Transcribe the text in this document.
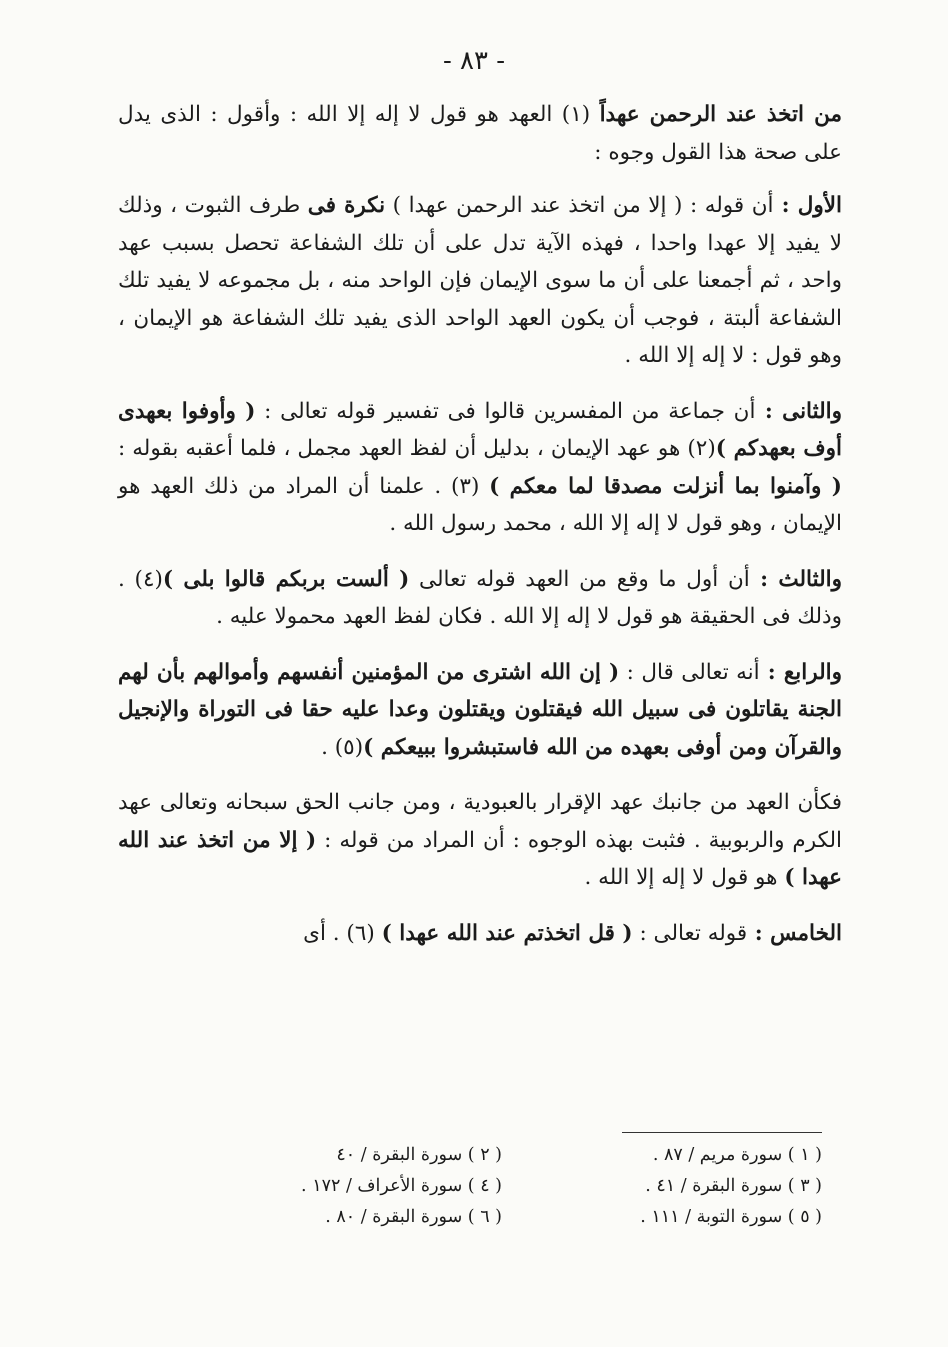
- ٨٣ -

من اتخذ عند الرحمن عهداً (١) العهد هو قول لا إله إلا الله : وأقول : الذى يدل على صحة هذا القول وجوه :

الأول : أن قوله : ( إلا من اتخذ عند الرحمن عهدا ) نكرة فى طرف الثبوت ، وذلك لا يفيد إلا عهدا واحدا ، فهذه الآية تدل على أن تلك الشفاعة تحصل بسبب عهد واحد ، ثم أجمعنا على أن ما سوى الإيمان فإن الواحد منه ، بل مجموعه لا يفيد تلك الشفاعة ألبتة ، فوجب أن يكون العهد الواحد الذى يفيد تلك الشفاعة هو الإيمان ، وهو قول : لا إله إلا الله .

والثانى : أن جماعة من المفسرين قالوا فى تفسير قوله تعالى : ( وأوفوا بعهدى أوف بعهدكم )(٢) هو عهد الإيمان ، بدليل أن لفظ العهد مجمل ، فلما أعقبه بقوله : ( وآمنوا بما أنزلت مصدقا لما معكم ) (٣) . علمنا أن المراد من ذلك العهد هو الإيمان ، وهو قول لا إله إلا الله ، محمد رسول الله .

والثالث : أن أول ما وقع من العهد قوله تعالى ( ألست بربكم قالوا بلى )(٤) . وذلك فى الحقيقة هو قول لا إله إلا الله . فكان لفظ العهد محمولا عليه .

والرابع : أنه تعالى قال : ( إن الله اشترى من المؤمنين أنفسهم وأموالهم بأن لهم الجنة يقاتلون فى سبيل الله فيقتلون ويقتلون وعدا عليه حقا فى التوراة والإنجيل والقرآن ومن أوفى بعهده من الله فاستبشروا ببيعكم )(٥) .

فكأن العهد من جانبك عهد الإقرار بالعبودية ، ومن جانب الحق سبحانه وتعالى عهد الكرم والربوبية . فثبت بهذه الوجوه : أن المراد من قوله : ( إلا من اتخذ عند الله عهدا ) هو قول لا إله إلا الله .

الخامس : قوله تعالى : ( قل اتخذتم عند الله عهدا ) (٦) . أى

( ١ ) سورة مريم / ٨٧ .
( ٣ ) سورة البقرة / ٤١ .
( ٥ ) سورة التوبة / ١١١ .
( ٢ ) سورة البقرة / ٤٠
( ٤ ) سورة الأعراف / ١٧٢ .
( ٦ ) سورة البقرة / ٨٠ .
